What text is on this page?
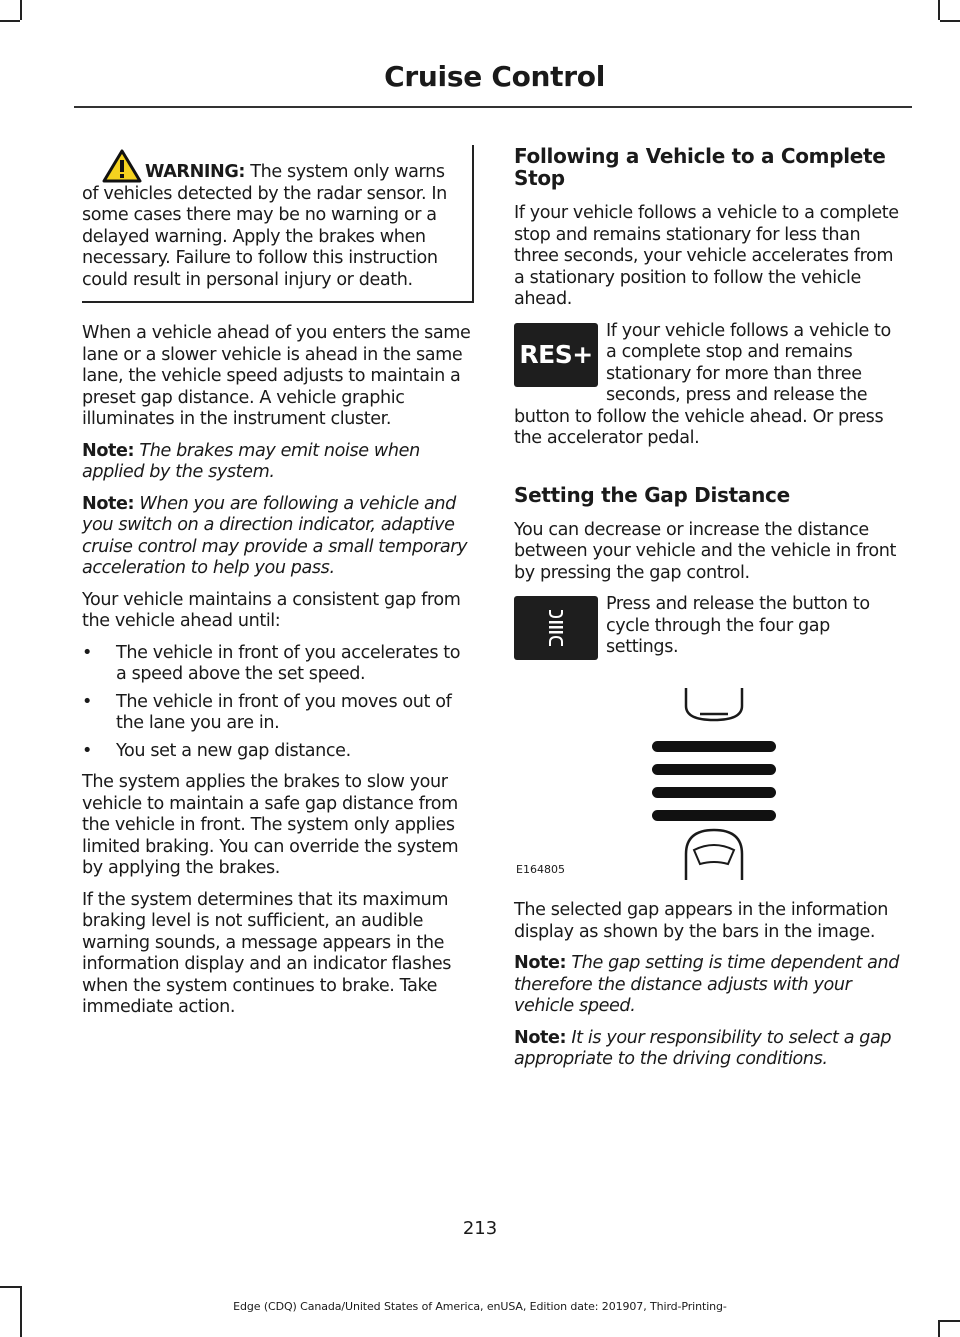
Cruise Control

WARNING: The system only warns of vehicles detected by the radar sensor. In some cases there may be no warning or a delayed warning. Apply the brakes when necessary. Failure to follow this instruction could result in personal injury or death.

When a vehicle ahead of you enters the same lane or a slower vehicle is ahead in the same lane, the vehicle speed adjusts to maintain a preset gap distance. A vehicle graphic illuminates in the instrument cluster.

Note: The brakes may emit noise when applied by the system.

Note: When you are following a vehicle and you switch on a direction indicator, adaptive cruise control may provide a small temporary acceleration to help you pass.

Your vehicle maintains a consistent gap from the vehicle ahead until:

• The vehicle in front of you accelerates to a speed above the set speed.
• The vehicle in front of you moves out of the lane you are in.
• You set a new gap distance.

The system applies the brakes to slow your vehicle to maintain a safe gap distance from the vehicle in front. The system only applies limited braking. You can override the system by applying the brakes.

If the system determines that its maximum braking level is not sufficient, an audible warning sounds, a message appears in the information display and an indicator flashes when the system continues to brake. Take immediate action.

Following a Vehicle to a Complete Stop

If your vehicle follows a vehicle to a complete stop and remains stationary for less than three seconds, your vehicle accelerates from a stationary position to follow the vehicle ahead.

RES+

If your vehicle follows a vehicle to a complete stop and remains stationary for more than three seconds, press and release the button to follow the vehicle ahead. Or press the accelerator pedal.

Setting the Gap Distance

You can decrease or increase the distance between your vehicle and the vehicle in front by pressing the gap control.

Press and release the button to cycle through the four gap settings.

E164805

The selected gap appears in the information display as shown by the bars in the image.

Note: The gap setting is time dependent and therefore the distance adjusts with your vehicle speed.

Note: It is your responsibility to select a gap appropriate to the driving conditions.

213
Edge (CDQ) Canada/United States of America, enUSA, Edition date: 201907, Third-Printing-
